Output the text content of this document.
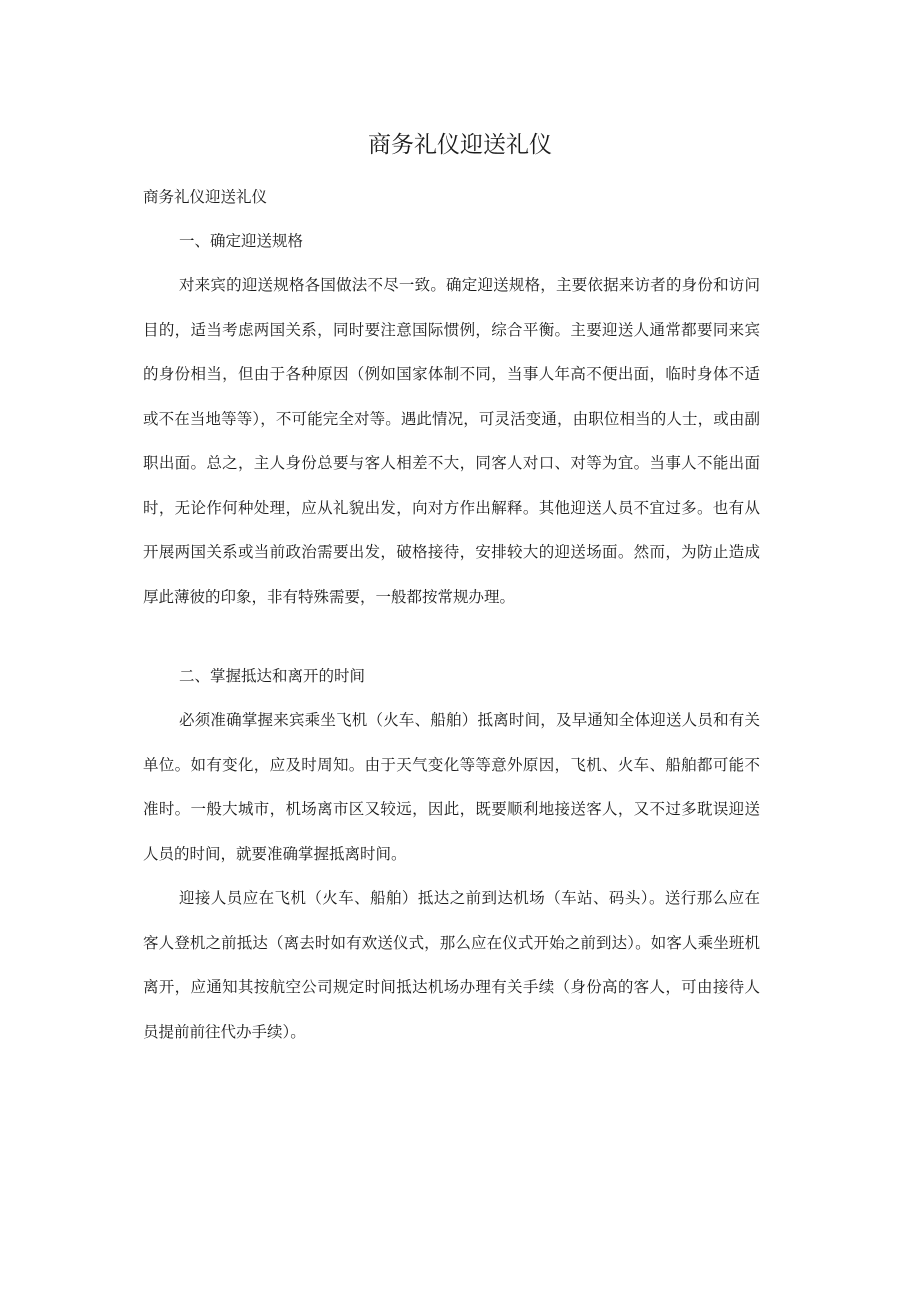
商务礼仪迎送礼仪

商务礼仪迎送礼仪

一、确定迎送规格

对来宾的迎送规格各国做法不尽一致。确定迎送规格，主要依据来访者的身份和访问目的，适当考虑两国关系，同时要注意国际惯例，综合平衡。主要迎送人通常都要同来宾的身份相当，但由于各种原因（例如国家体制不同，当事人年高不便出面，临时身体不适或不在当地等等），不可能完全对等。遇此情况，可灵活变通，由职位相当的人士，或由副职出面。总之，主人身份总要与客人相差不大，同客人对口、对等为宜。当事人不能出面时，无论作何种处理，应从礼貌出发，向对方作出解释。其他迎送人员不宜过多。也有从开展两国关系或当前政治需要出发，破格接待，安排较大的迎送场面。然而，为防止造成厚此薄彼的印象，非有特殊需要，一般都按常规办理。

二、掌握抵达和离开的时间

必须准确掌握来宾乘坐飞机（火车、船舶）抵离时间，及早通知全体迎送人员和有关单位。如有变化，应及时周知。由于天气变化等等意外原因，飞机、火车、船舶都可能不准时。一般大城市，机场离市区又较远，因此，既要顺利地接送客人，又不过多耽误迎送人员的时间，就要准确掌握抵离时间。

迎接人员应在飞机（火车、船舶）抵达之前到达机场（车站、码头）。送行那么应在客人登机之前抵达（离去时如有欢送仪式，那么应在仪式开始之前到达）。如客人乘坐班机离开，应通知其按航空公司规定时间抵达机场办理有关手续（身份高的客人，可由接待人员提前前往代办手续）。
